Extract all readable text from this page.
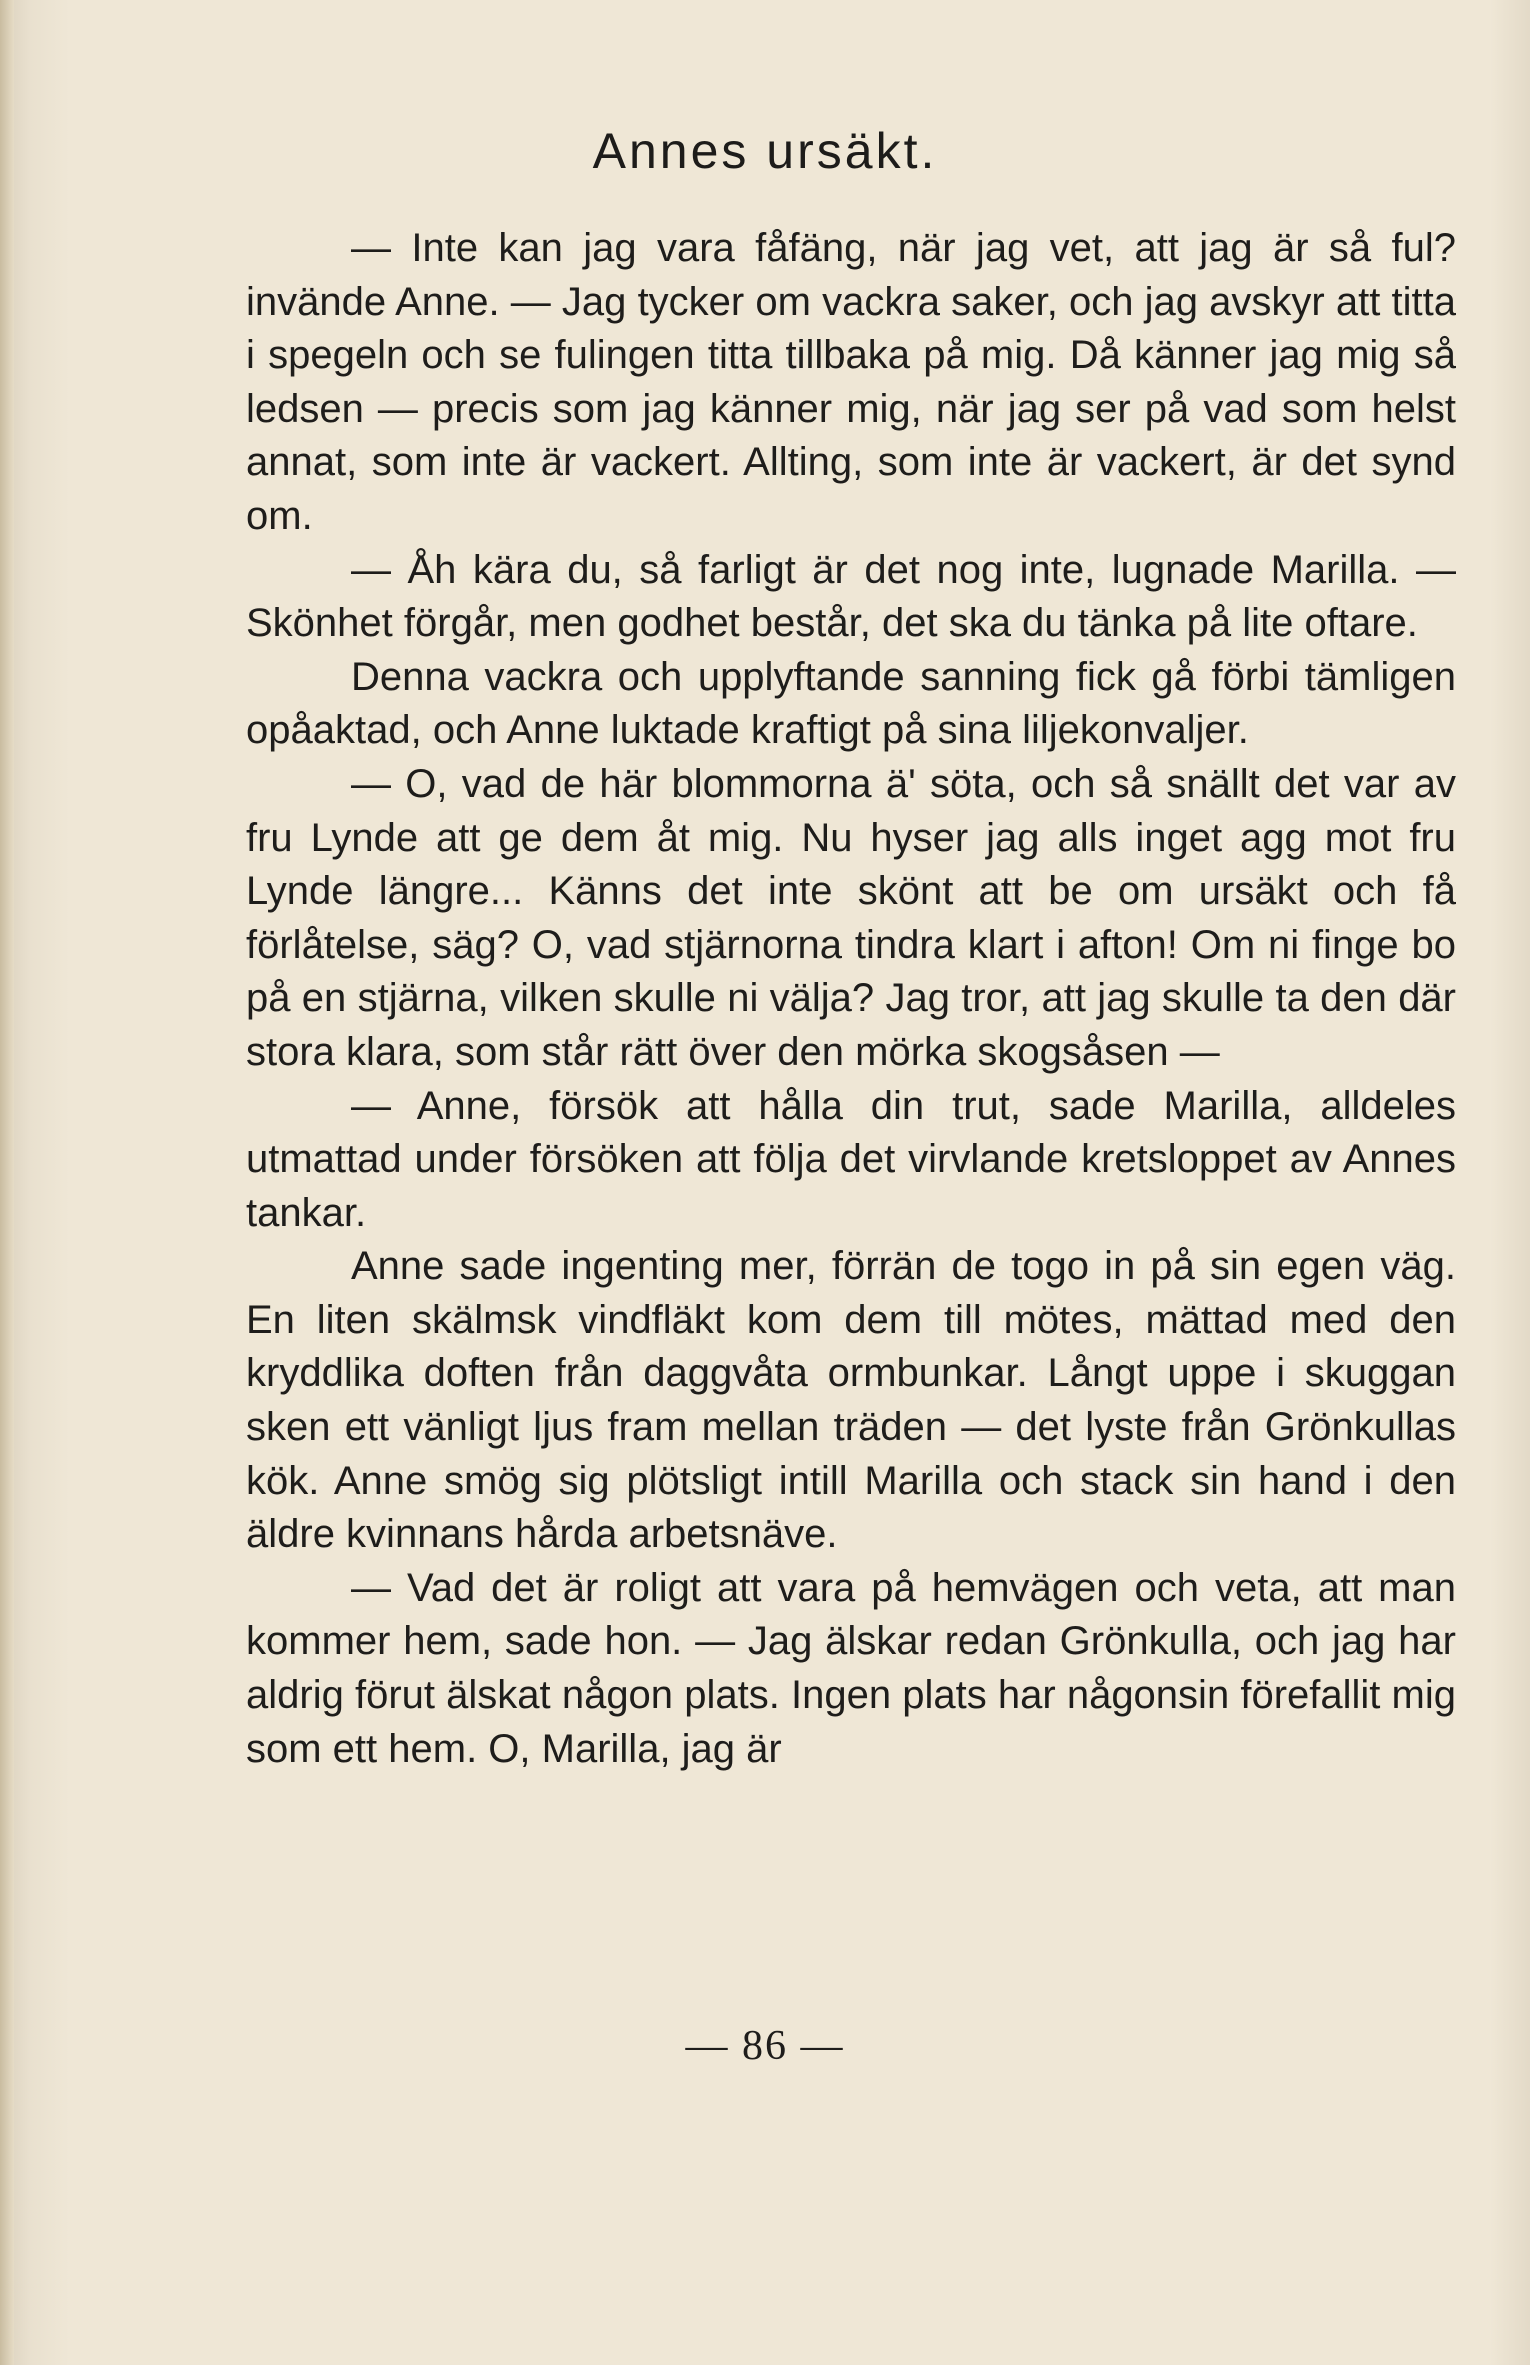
Annes ursäkt.

— Inte kan jag vara fåfäng, när jag vet, att jag är så ful? invände Anne. — Jag tycker om vackra saker, och jag avskyr att titta i spegeln och se fulingen titta tillbaka på mig. Då känner jag mig så ledsen — precis som jag känner mig, när jag ser på vad som helst annat, som inte är vackert. Allting, som inte är vackert, är det synd om.

— Åh kära du, så farligt är det nog inte, lugnade Marilla. — Skönhet förgår, men godhet består, det ska du tänka på lite oftare.

Denna vackra och upplyftande sanning fick gå förbi tämligen opåaktad, och Anne luktade kraftigt på sina liljekonvaljer.

— O, vad de här blommorna ä' söta, och så snällt det var av fru Lynde att ge dem åt mig. Nu hyser jag alls inget agg mot fru Lynde längre... Känns det inte skönt att be om ursäkt och få förlåtelse, säg? O, vad stjärnorna tindra klart i afton! Om ni finge bo på en stjärna, vilken skulle ni välja? Jag tror, att jag skulle ta den där stora klara, som står rätt över den mörka skogsåsen —

— Anne, försök att hålla din trut, sade Marilla, alldeles utmattad under försöken att följa det virvlande kretsloppet av Annes tankar.

Anne sade ingenting mer, förrän de togo in på sin egen väg. En liten skälmsk vindfläkt kom dem till mötes, mättad med den kryddlika doften från daggvåta ormbunkar. Långt uppe i skuggan sken ett vänligt ljus fram mellan träden — det lyste från Grönkullas kök. Anne smög sig plötsligt intill Marilla och stack sin hand i den äldre kvinnans hårda arbetsnäve.

— Vad det är roligt att vara på hemvägen och veta, att man kommer hem, sade hon. — Jag älskar redan Grönkulla, och jag har aldrig förut älskat någon plats. Ingen plats har någonsin förefallit mig som ett hem. O, Marilla, jag är

— 86 —
